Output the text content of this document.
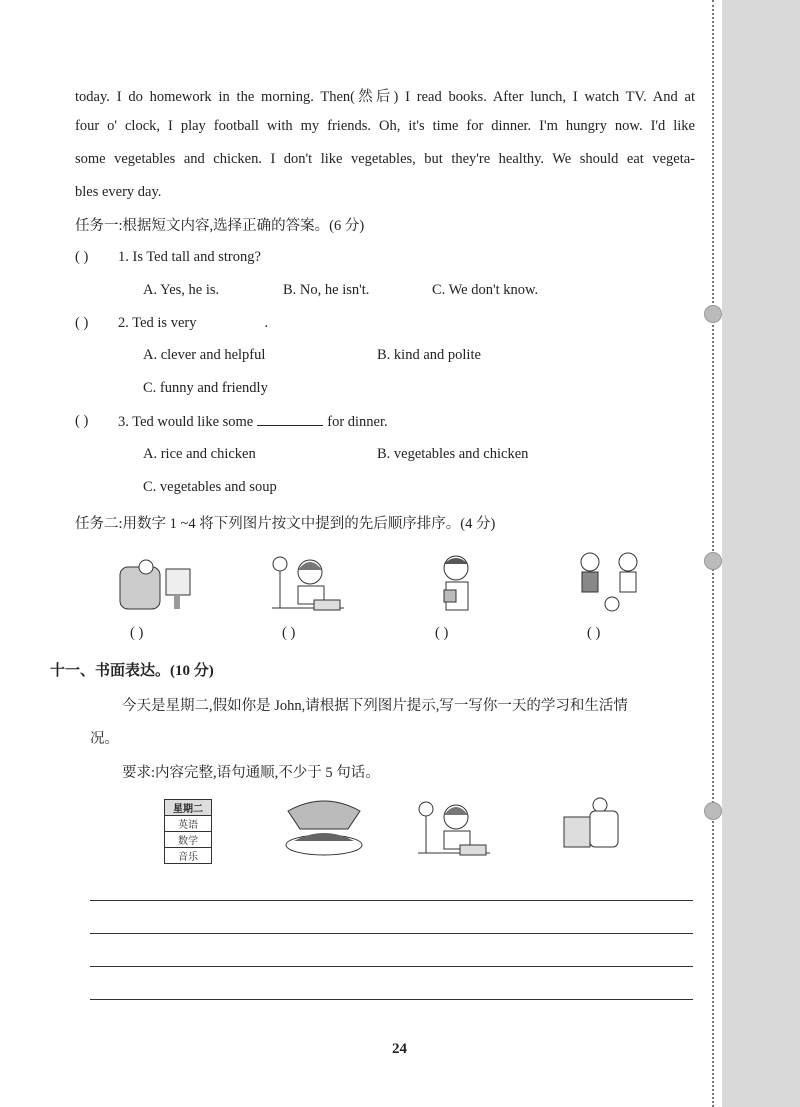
today. I do homework in the morning. Then(然后) I read books. After lunch, I watch TV. And at
four o' clock, I play football with my friends. Oh, it's time for dinner. I'm hungry now. I'd like
some vegetables and chicken. I don't like vegetables, but they're healthy. We should eat vegeta-
bles every day.
任务一:根据短文内容,选择正确的答案。(6 分)
( ) 1. Is Ted tall and strong?
A. Yes, he is.	B. No, he isn't.	C. We don't know.
( ) 2. Ted is very	.
A. clever and helpful	B. kind and polite
C. funny and friendly
( ) 3. Ted would like some	for dinner.
A. rice and chicken	B. vegetables and chicken
C. vegetables and soup
任务二:用数字 1 ~4 将下列图片按文中提到的先后顺序排序。(4 分)
( )	( )	( )	( )
十一、书面表达。(10 分)
今天是星期二,假如你是 John,请根据下列图片提示,写一写你一天的学习和生活情
况。
要求:内容完整,语句通顺,不少于 5 句话。
星期二
英语
数学
音乐
24
